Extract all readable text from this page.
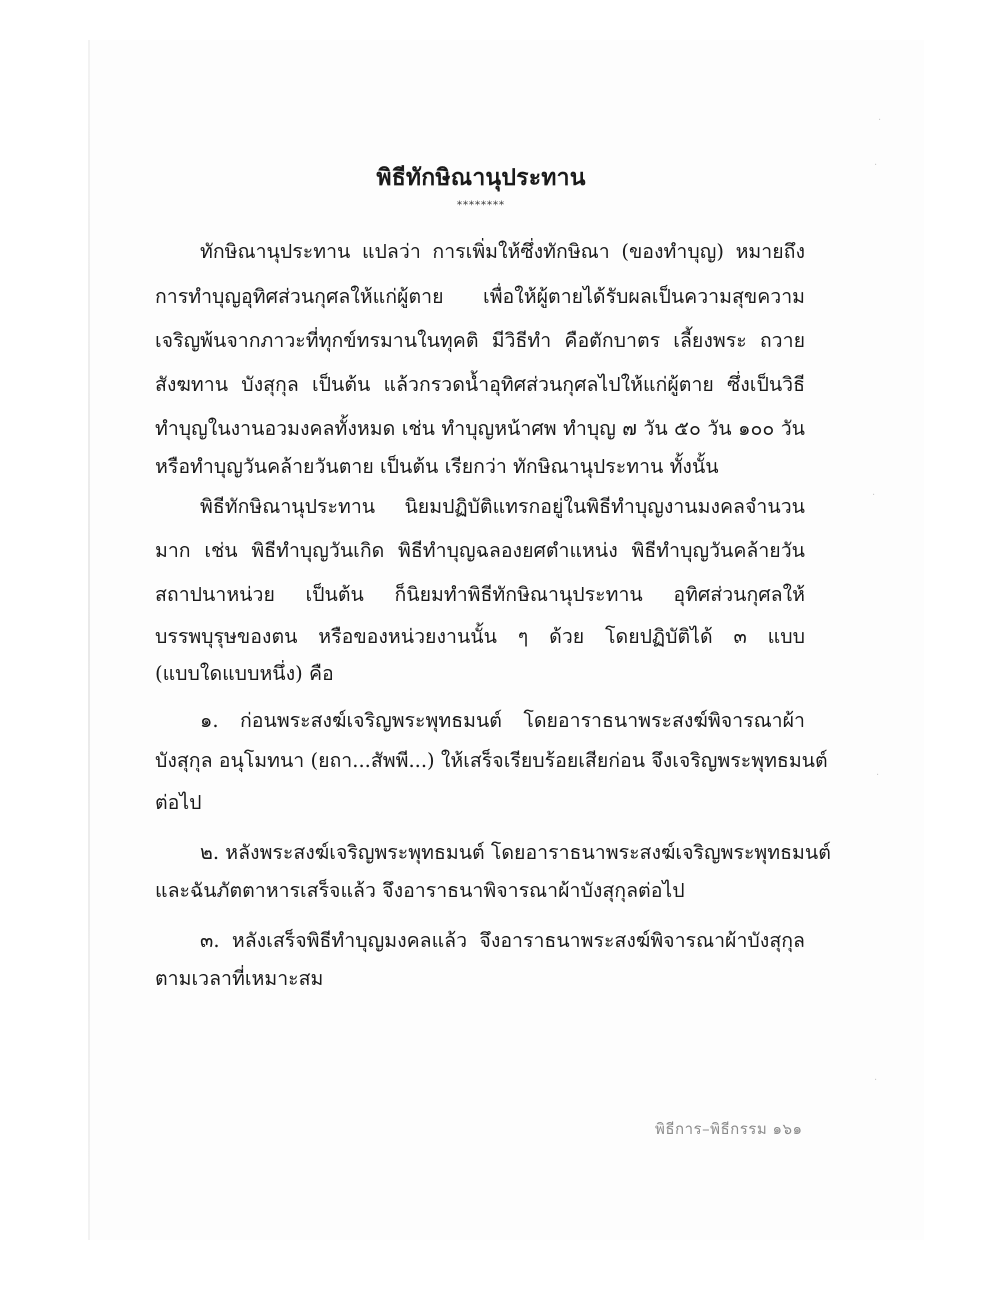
พิธีทักษิณานุประทาน
********
ทักษิณานุประทาน แปลว่า การเพิ่มให้ซึ่งทักษิณา (ของทำบุญ) หมายถึง
การทำบุญอุทิศส่วนกุศลให้แก่ผู้ตาย เพื่อให้ผู้ตายได้รับผลเป็นความสุขความ
เจริญพ้นจากภาวะที่ทุกข์ทรมานในทุคติ มีวิธีทำ คือตักบาตร เลี้ยงพระ ถวาย
สังฆทาน บังสุกุล เป็นต้น แล้วกรวดน้ำอุทิศส่วนกุศลไปให้แก่ผู้ตาย ซึ่งเป็นวิธี
ทำบุญในงานอวมงคลทั้งหมด เช่น ทำบุญหน้าศพ ทำบุญ ๗ วัน ๕๐ วัน ๑๐๐ วัน
หรือทำบุญวันคล้ายวันตาย เป็นต้น เรียกว่า ทักษิณานุประทาน ทั้งนั้น
พิธีทักษิณานุประทาน นิยมปฏิบัติแทรกอยู่ในพิธีทำบุญงานมงคลจำนวน
มาก เช่น พิธีทำบุญวันเกิด พิธีทำบุญฉลองยศตำแหน่ง พิธีทำบุญวันคล้ายวัน
สถาปนาหน่วย เป็นต้น ก็นิยมทำพิธีทักษิณานุประทาน อุทิศส่วนกุศลให้
บรรพบุรุษของตน หรือของหน่วยงานนั้น ๆ ด้วย โดยปฏิบัติได้ ๓ แบบ
(แบบใดแบบหนึ่ง) คือ
๑. ก่อนพระสงฆ์เจริญพระพุทธมนต์ โดยอาราธนาพระสงฆ์พิจารณาผ้า
บังสุกุล อนุโมทนา (ยถา...สัพพี...) ให้เสร็จเรียบร้อยเสียก่อน จึงเจริญพระพุทธมนต์
ต่อไป
๒. หลังพระสงฆ์เจริญพระพุทธมนต์ โดยอาราธนาพระสงฆ์เจริญพระพุทธมนต์
และฉันภัตตาหารเสร็จแล้ว จึงอาราธนาพิจารณาผ้าบังสุกุลต่อไป
๓. หลังเสร็จพิธีทำบุญมงคลแล้ว จึงอาราธนาพระสงฆ์พิจารณาผ้าบังสุกุล
ตามเวลาที่เหมาะสม
พิธีการ–พิธีกรรม ๑๖๑
·
·
·
·
·
